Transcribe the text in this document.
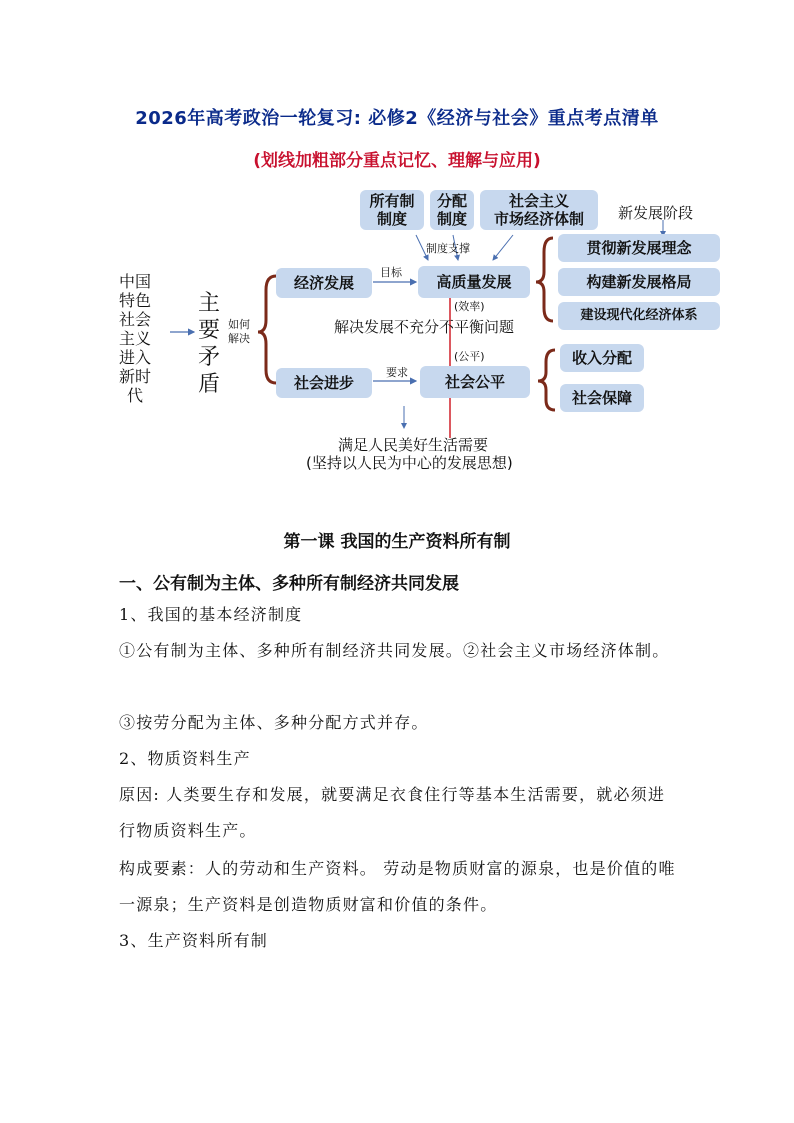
2026年高考政治一轮复习: 必修2《经济与社会》重点考点清单
(划线加粗部分重点记忆、理解与应用)
中国
特色
社会
主义
进入
新时
代
主
要
矛
盾
如何
解决
所有制
制度
分配
制度
社会主义
市场经济体制	新发展阶段
制度支撑
经济发展
目标
高质量发展
(效率)
解决发展不充分不平衡问题
贯彻新发展理念
构建新发展格局
建设现代化经济体系
社会进步
要求
(公平)
社会公平
收入分配
社会保障
满足人民美好生活需要
(坚持以人民为中心的发展思想)
第一课 我国的生产资料所有制
一、公有制为主体、多种所有制经济共同发展
1、我国的基本经济制度
①公有制为主体、多种所有制经济共同发展。②社会主义市场经济体制。
③按劳分配为主体、多种分配方式并存。
2、物质资料生产
原因: 人类要生存和发展，就要满足衣食住行等基本生活需要，就必须进行物质资料生产。
构成要素：人的劳动和生产资料。 劳动是物质财富的源泉，也是价值的唯一源泉；生产资料是创造物质财富和价值的条件。
3、生产资料所有制
